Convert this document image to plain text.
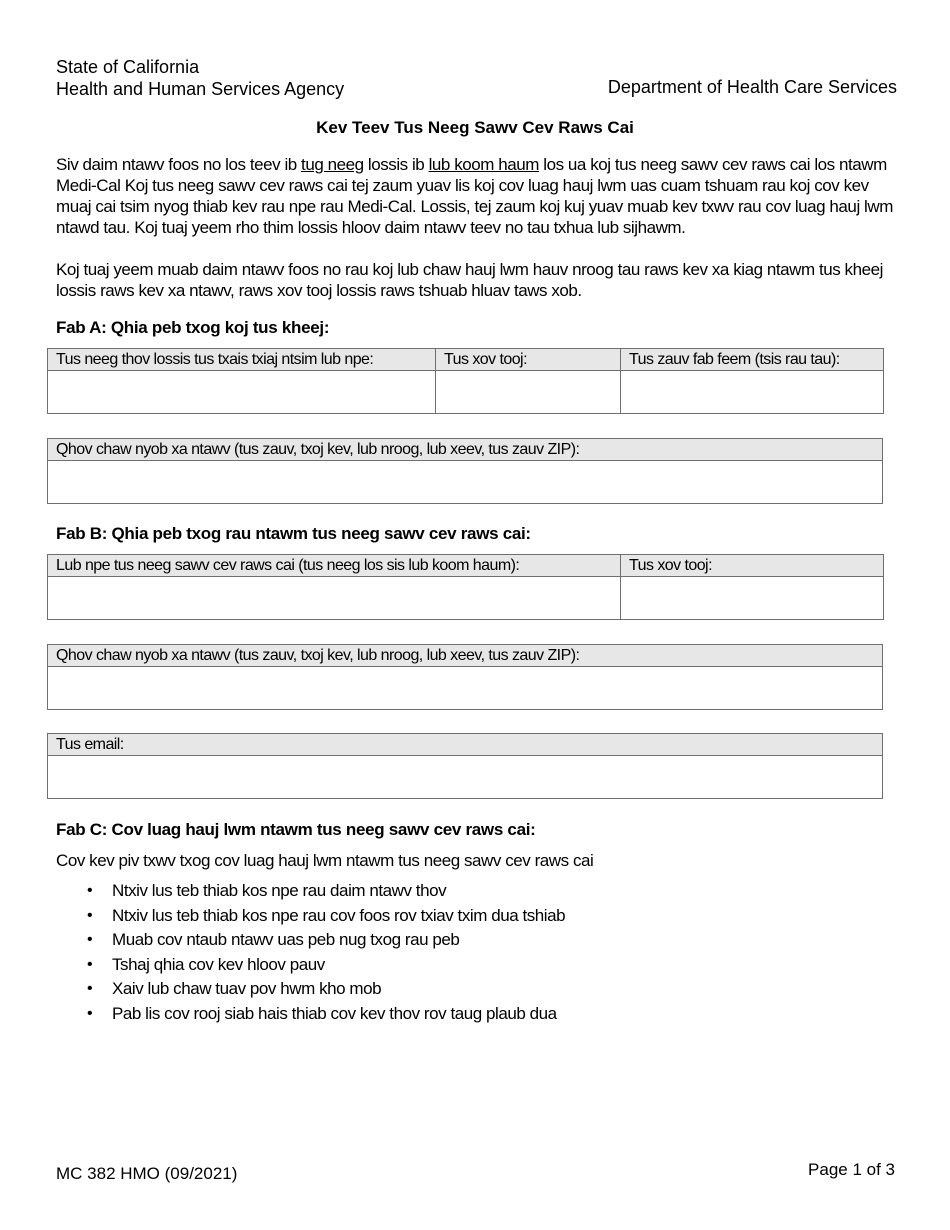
State of California
Health and Human Services Agency	Department of Health Care Services
Kev Teev Tus Neeg Sawv Cev Raws Cai
Siv daim ntawv foos no los teev ib tug neeg lossis ib lub koom haum los ua koj tus neeg sawv cev raws cai los ntawm Medi-Cal Koj tus neeg sawv cev raws cai tej zaum yuav lis koj cov luag hauj lwm uas cuam tshuam rau koj cov kev muaj cai tsim nyog thiab kev rau npe rau Medi-Cal. Lossis, tej zaum koj kuj yuav muab kev txwv rau cov luag hauj lwm ntawd tau. Koj tuaj yeem rho thim lossis hloov daim ntawv teev no tau txhua lub sijhawm.
Koj tuaj yeem muab daim ntawv foos no rau koj lub chaw hauj lwm hauv nroog tau raws kev xa kiag ntawm tus kheej lossis raws kev xa ntawv, raws xov tooj lossis raws tshuab hluav taws xob.
Fab A: Qhia peb txog koj tus kheej:
Tus neeg thov lossis tus txais txiaj ntsim lub npe:	Tus xov tooj:	Tus zauv fab feem (tsis rau tau):

Qhov chaw nyob xa ntawv (tus zauv, txoj kev, lub nroog, lub xeev, tus zauv ZIP):

Fab B: Qhia peb txog rau ntawm tus neeg sawv cev raws cai:
Lub npe tus neeg sawv cev raws cai (tus neeg los sis lub koom haum):	Tus xov tooj:

Qhov chaw nyob xa ntawv (tus zauv, txoj kev, lub nroog, lub xeev, tus zauv ZIP):

Tus email:

Fab C: Cov luag hauj lwm ntawm tus neeg sawv cev raws cai:
Cov kev piv txwv txog cov luag hauj lwm ntawm tus neeg sawv cev raws cai
• Ntxiv lus teb thiab kos npe rau daim ntawv thov
• Ntxiv lus teb thiab kos npe rau cov foos rov txiav txim dua tshiab
• Muab cov ntaub ntawv uas peb nug txog rau peb
• Tshaj qhia cov kev hloov pauv
• Xaiv lub chaw tuav pov hwm kho mob
• Pab lis cov rooj siab hais thiab cov kev thov rov taug plaub dua
MC 382 HMO (09/2021)	Page 1 of 3
